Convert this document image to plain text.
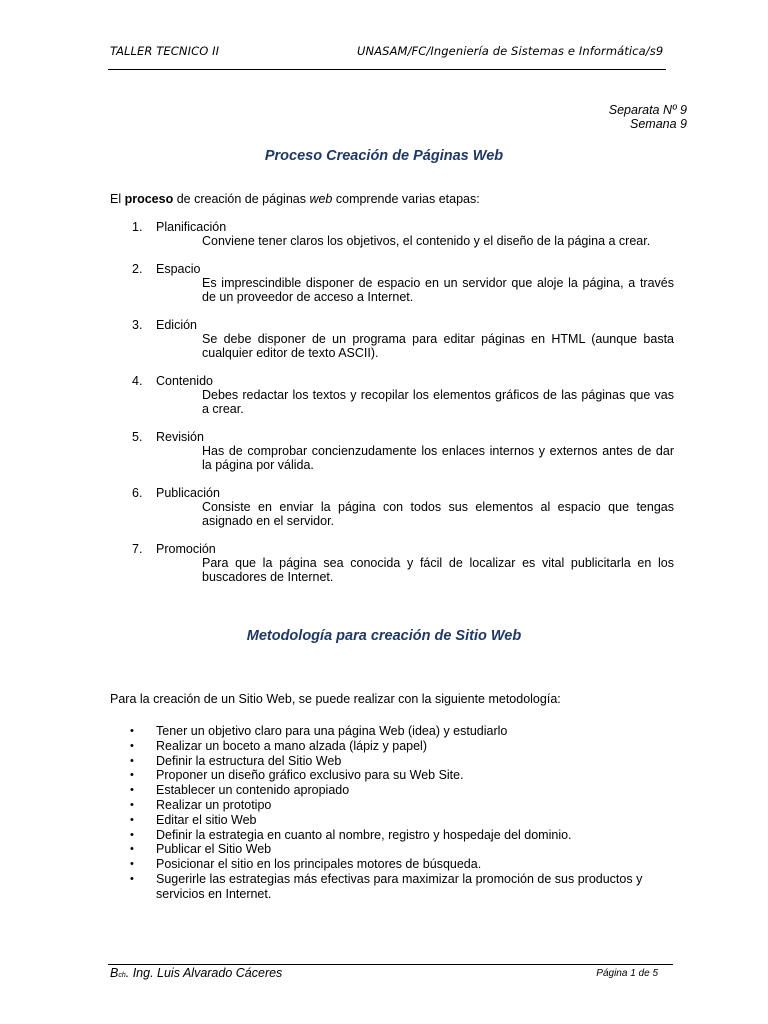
TALLER TECNICO II	UNASAM/FC/Ingeniería de Sistemas e Informática/s9
Separata Nº 9
Semana 9
Proceso Creación de Páginas Web
El proceso de creación de páginas web comprende varias etapas:
1. Planificación
Conviene tener claros los objetivos, el contenido y el diseño de la página a crear.
2. Espacio
Es imprescindible disponer de espacio en un servidor que aloje la página, a través de un proveedor de acceso a Internet.
3. Edición
Se debe disponer de un programa para editar páginas en HTML (aunque basta cualquier editor de texto ASCII).
4. Contenido
Debes redactar los textos y recopilar los elementos gráficos de las páginas que vas a crear.
5. Revisión
Has de comprobar concienzudamente los enlaces internos y externos antes de dar la página por válida.
6. Publicación
Consiste en enviar la página con todos sus elementos al espacio que tengas asignado en el servidor.
7. Promoción
Para que la página sea conocida y fácil de localizar es vital publicitarla en los buscadores de Internet.
Metodología para creación de Sitio Web
Para la creación de un Sitio Web, se puede realizar con la siguiente metodología:
• Tener un objetivo claro para una página Web (idea) y estudiarlo
• Realizar un boceto a mano alzada (lápiz y papel)
• Definir la estructura del Sitio Web
• Proponer un diseño gráfico exclusivo para su Web Site.
• Establecer un contenido apropiado
• Realizar un prototipo
• Editar el sitio Web
• Definir la estrategia en cuanto al nombre, registro y hospedaje del dominio.
• Publicar el Sitio Web
• Posicionar el sitio en los principales motores de búsqueda.
• Sugerirle las estrategias más efectivas para maximizar la promoción de sus productos y servicios en Internet.
Bch. Ing. Luis Alvarado Cáceres	Página 1 de 5
